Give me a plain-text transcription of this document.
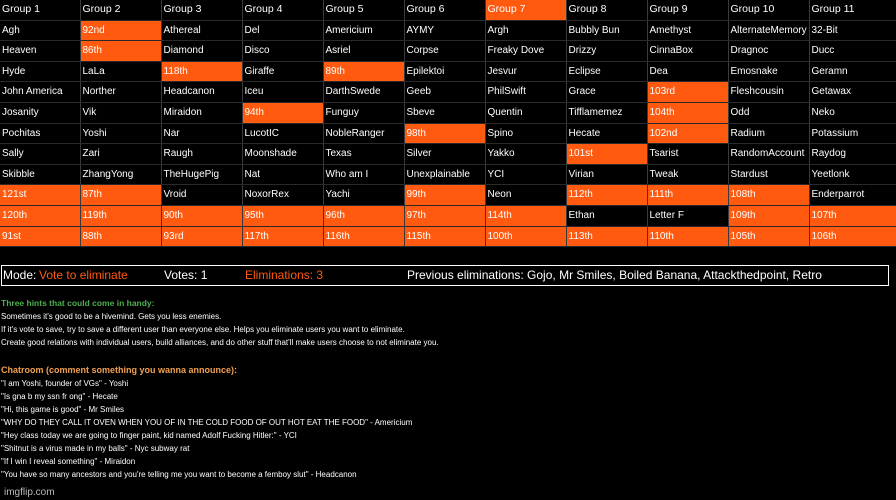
Group 1	Group 2	Group 3	Group 4	Group 5	Group 6	Group 7	Group 8	Group 9	Group 10	Group 11
Agh	92nd	Athereal	Del	Americium	AYMY	Argh	Bubbly Bun	Amethyst	AlternateMemory	32-Bit
Heaven	86th	Diamond	Disco	Asriel	Corpse	Freaky Dove	Drizzy	CinnaBox	Dragnoc	Ducc
Hyde	LaLa	118th	Giraffe	89th	Epilektoi	Jesvur	Eclipse	Dea	Emosnake	Geramn
John America	Norther	Headcanon	Iceu	DarthSwede	Geeb	PhilSwift	Grace	103rd	Fleshcousin	Getawax
Josanity	Vik	Miraidon	94th	Funguy	Sbeve	Quentin	Tifflamemez	104th	Odd	Neko
Pochitas	Yoshi	Nar	LucotIC	NobleRanger	98th	Spino	Hecate	102nd	Radium	Potassium
Sally	Zari	Raugh	Moonshade	Texas	Silver	Yakko	101st	Tsarist	RandomAccount	Raydog
Skibble	ZhangYong	TheHugePig	Nat	Who am I	Unexplainable	YCI	Virian	Tweak	Stardust	Yeetlonk
121st	87th	Vroid	NoxorRex	Yachi	99th	Neon	112th	111th	108th	Enderparrot
120th	119th	90th	95th	96th	97th	114th	Ethan	Letter F	109th	107th
91st	88th	93rd	117th	116th	115th	100th	113th	110th	105th	106th
Mode: Vote to eliminate	Votes: 1	Eliminations: 3	Previous eliminations: Gojo, Mr Smiles, Boiled Banana, Attackthedpoint, Retro
Three hints that could come in handy:
Sometimes it's good to be a hivemind. Gets you less enemies.
If it's vote to save, try to save a different user than everyone else. Helps you eliminate users you want to eliminate.
Create good relations with individual users, build alliances, and do other stuff that'll make users choose to not eliminate you.
Chatroom (comment something you wanna announce):
"I am Yoshi, founder of VGs" - Yoshi
"Is gna b my ssn fr ong" - Hecate
"Hi, this game is good" - Mr Smiles
"WHY DO THEY CALL IT OVEN WHEN YOU OF IN THE COLD FOOD OF OUT HOT EAT THE FOOD" - Americium
"Hey class today we are going to finger paint, kid named Adolf Fucking Hitler:" - YCI
"Shitnut is a virus made in my balls" - Nyc subway rat
"If I win I reveal something" - Miraidon
"You have so many ancestors and you're telling me you want to become a femboy slut" - Headcanon
imgflip.com
